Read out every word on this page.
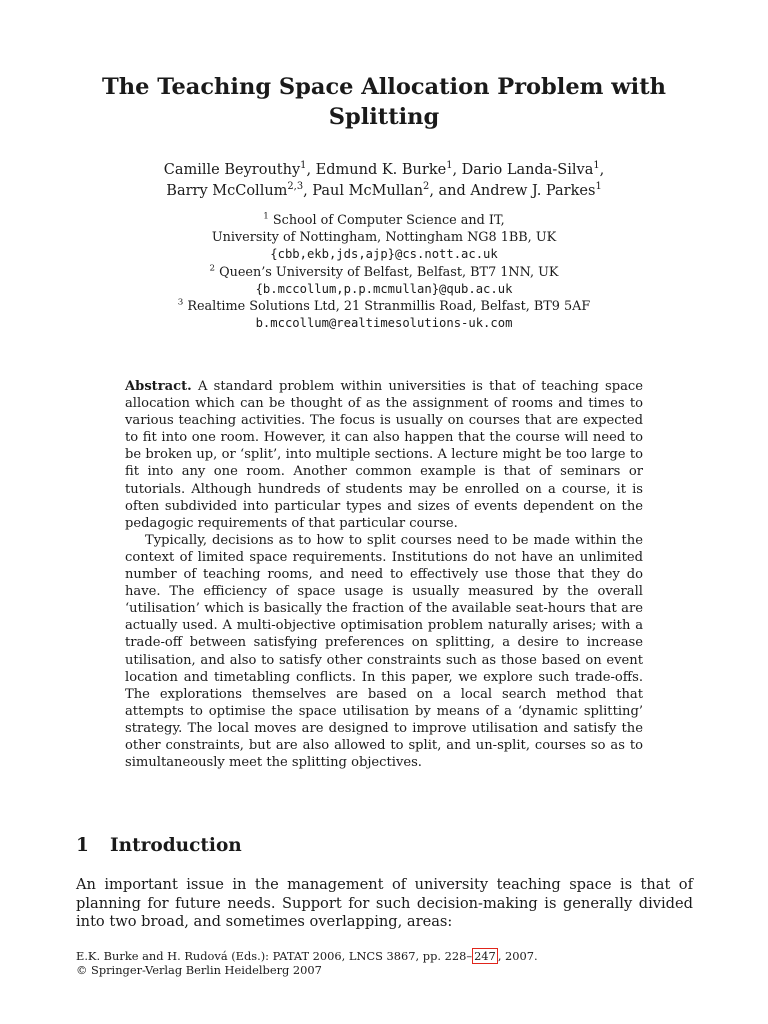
The Teaching Space Allocation Problem with Splitting
Camille Beyrouthy$^1$, Edmund K. Burke$^1$, Dario Landa-Silva$^1$,
Barry McCollum$^{2,3}$, Paul McMullan$^2$, and Andrew J. Parkes$^1$
$^1$ School of Computer Science and IT,
University of Nottingham, Nottingham NG8 1BB, UK
{cbb,ekb,jds,ajp}@cs.nott.ac.uk
$^2$ Queen’s University of Belfast, Belfast, BT7 1NN, UK
{b.mccollum,p.p.mcmullan}@qub.ac.uk
$^3$ Realtime Solutions Ltd, 21 Stranmillis Road, Belfast, BT9 5AF
b.mccollum@realtimesolutions-uk.com

Abstract. A standard problem within universities is that of teaching space allocation which can be thought of as the assignment of rooms and times to various teaching activities. The focus is usually on courses that are expected to fit into one room. However, it can also happen that the course will need to be broken up, or ‘split’, into multiple sections. A lecture might be too large to fit into any one room. Another common example is that of seminars or tutorials. Although hundreds of students may be enrolled on a course, it is often subdivided into particular types and sizes of events dependent on the pedagogic requirements of that particular course.

Typically, decisions as to how to split courses need to be made within the context of limited space requirements. Institutions do not have an unlimited number of teaching rooms, and need to effectively use those that they do have. The efficiency of space usage is usually measured by the overall ‘utilisation’ which is basically the fraction of the available seat-hours that are actually used. A multi-objective optimisation problem naturally arises; with a trade-off between satisfying preferences on splitting, a desire to increase utilisation, and also to satisfy other constraints such as those based on event location and timetabling conflicts. In this paper, we explore such trade-offs. The explorations themselves are based on a local search method that attempts to optimise the space utilisation by means of a ‘dynamic splitting’ strategy. The local moves are designed to improve utilisation and satisfy the other constraints, but are also allowed to split, and un-split, courses so as to simultaneously meet the splitting objectives.

1 Introduction

An important issue in the management of university teaching space is that of planning for future needs. Support for such decision-making is generally divided into two broad, and sometimes overlapping, areas:

E.K. Burke and H. Rudová (Eds.): PATAT 2006, LNCS 3867, pp. 228– 247 , 2007.
© Springer-Verlag Berlin Heidelberg 2007
